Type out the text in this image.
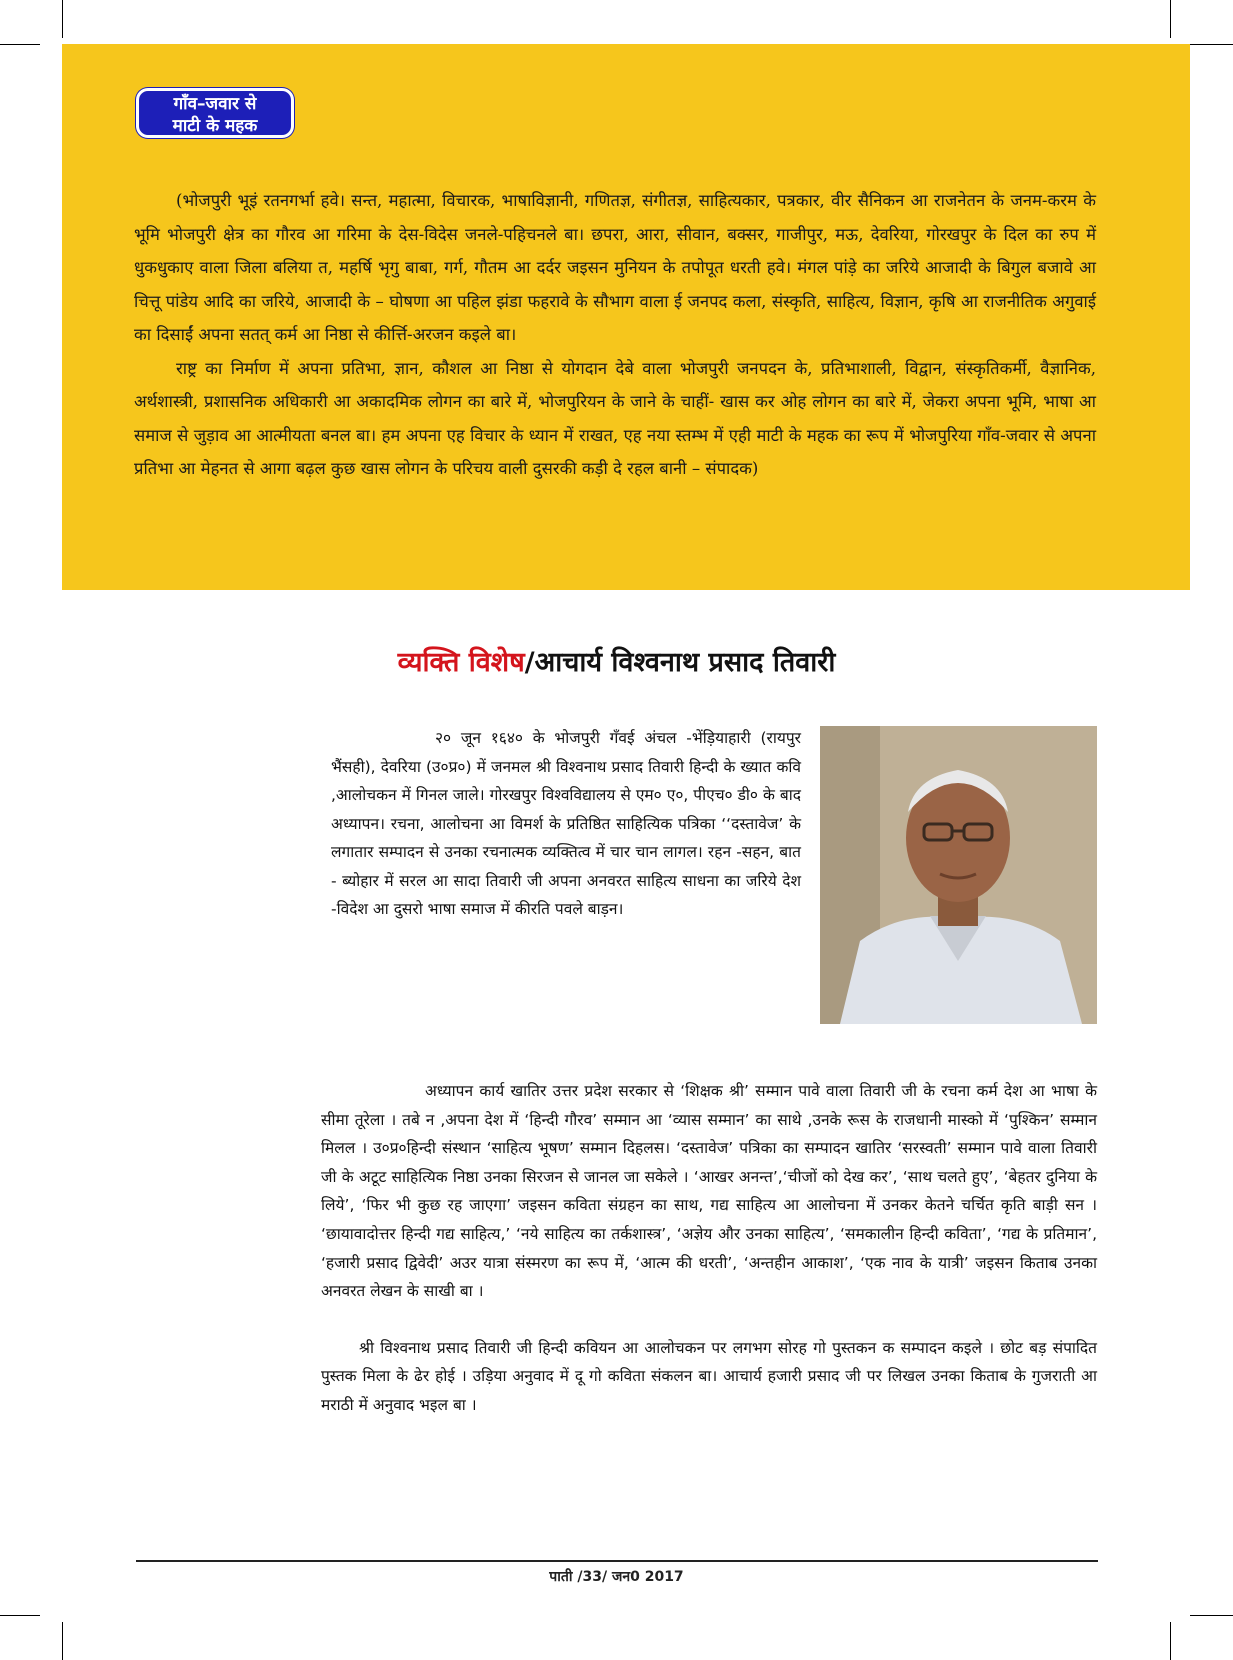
गाँव–जवार से
माटी के महक

(भोजपुरी भूइं रतनगर्भा हवे। सन्त, महात्मा, विचारक, भाषाविज्ञानी, गणितज्ञ, संगीतज्ञ, साहित्यकार, पत्रकार, वीर सैनिकन आ राजनेतन के जनम-करम के भूमि भोजपुरी क्षेत्र का गौरव आ गरिमा के देस-विदेस जनले-पहिचनले बा। छपरा, आरा, सीवान, बक्सर, गाजीपुर, मऊ, देवरिया, गोरखपुर के दिल का रुप में धुकधुकाए वाला जिला बलिया त, महर्षि भृगु बाबा, गर्ग, गौतम आ दर्दर जइसन मुनियन के तपोपूत धरती हवे। मंगल पांड़े का जरिये आजादी के बिगुल बजावे आ चित्तू पांडेय आदि का जरिये, आजादी के – घोषणा आ पहिल झंडा फहरावे के सौभाग वाला ई जनपद कला, संस्कृति, साहित्य, विज्ञान, कृषि आ राजनीतिक अगुवाई का दिसाईं अपना सतत् कर्म आ निष्ठा से कीर्त्ति-अरजन कइले बा।

राष्ट्र का निर्माण में अपना प्रतिभा, ज्ञान, कौशल आ निष्ठा से योगदान देबे वाला भोजपुरी जनपदन के, प्रतिभाशाली, विद्वान, संस्कृतिकर्मी, वैज्ञानिक, अर्थशास्त्री, प्रशासनिक अधिकारी आ अकादमिक लोगन का बारे में, भोजपुरियन के जाने के चाहीं- खास कर ओह लोगन का बारे में, जेकरा अपना भूमि, भाषा आ समाज से जुड़ाव आ आत्मीयता बनल बा। हम अपना एह विचार के ध्यान में राखत, एह नया स्तम्भ में एही माटी के महक का रूप में भोजपुरिया गाँव-जवार से अपना प्रतिभा आ मेहनत से आगा बढ़ल कुछ खास लोगन के परिचय वाली दुसरकी कड़ी दे रहल बानी – संपादक)

व्यक्ति विशेष/आचार्य विश्वनाथ प्रसाद तिवारी

२० जून १६४० के भोजपुरी गँवई अंचल -भेंड़ियाहारी (रायपुर भैंसही), देवरिया (उ०प्र०) में जनमल श्री विश्वनाथ प्रसाद तिवारी हिन्दी के ख्यात कवि ,आलोचकन में गिनल जाले। गोरखपुर विश्वविद्यालय से एम० ए०, पीएच० डी० के बाद अध्यापन। रचना, आलोचना आ विमर्श के प्रतिष्ठित साहित्यिक पत्रिका ‘‘दस्तावेज’ के लगातार सम्पादन से उनका रचनात्मक व्यक्तित्व में चार चान लागल। रहन -सहन, बात - ब्योहार में सरल आ सादा तिवारी जी अपना अनवरत साहित्य साधना का जरिये देश -विदेश आ दुसरो भाषा समाज में कीरति पवले बाड़न।

अध्यापन कार्य खातिर उत्तर प्रदेश सरकार से ‘शिक्षक श्री’ सम्मान पावे वाला तिवारी जी के रचना कर्म देश आ भाषा के सीमा तूरेला । तबे न ,अपना देश में ‘हिन्दी गौरव’ सम्मान आ ‘व्यास सम्मान’ का साथे ,उनके रूस के राजधानी मास्को में ‘पुश्किन’ सम्मान मिलल । उ०प्र०हिन्दी संस्थान ‘साहित्य भूषण’ सम्मान दिहलस। ‘दस्तावेज’ पत्रिका का सम्पादन खातिर ‘सरस्वती’ सम्मान पावे वाला तिवारी जी के अटूट साहित्यिक निष्ठा उनका सिरजन से जानल जा सकेले । ‘आखर अनन्त’,‘चीजों को देख कर’, ‘साथ चलते हुए’, ‘बेहतर दुनिया के लिये’, ‘फिर भी कुछ रह जाएगा’ जइसन कविता संग्रहन का साथ, गद्य साहित्य आ आलोचना में उनकर केतने चर्चित कृति बाड़ी सन । ‘छायावादोत्तर हिन्दी गद्य साहित्य,’ ‘नये साहित्य का तर्कशास्त्र’, ‘अज्ञेय और उनका साहित्य’, ‘समकालीन हिन्दी कविता’, ‘गद्य के प्रतिमान’, ‘हजारी प्रसाद द्विवेदी’ अउर यात्रा संस्मरण का रूप में, ‘आत्म की धरती’, ‘अन्तहीन आकाश’, ‘एक नाव के यात्री’ जइसन किताब उनका अनवरत लेखन के साखी बा ।

श्री विश्वनाथ प्रसाद तिवारी जी हिन्दी कवियन आ आलोचकन पर लगभग सोरह गो पुस्तकन क सम्पादन कइले । छोट बड़ संपादित पुस्तक मिला के ढेर होई । उड़िया अनुवाद में दू गो कविता संकलन बा। आचार्य हजारी प्रसाद जी पर लिखल उनका किताब के गुजराती आ मराठी में अनुवाद भइल बा ।

पाती /33/ जन0 2017
